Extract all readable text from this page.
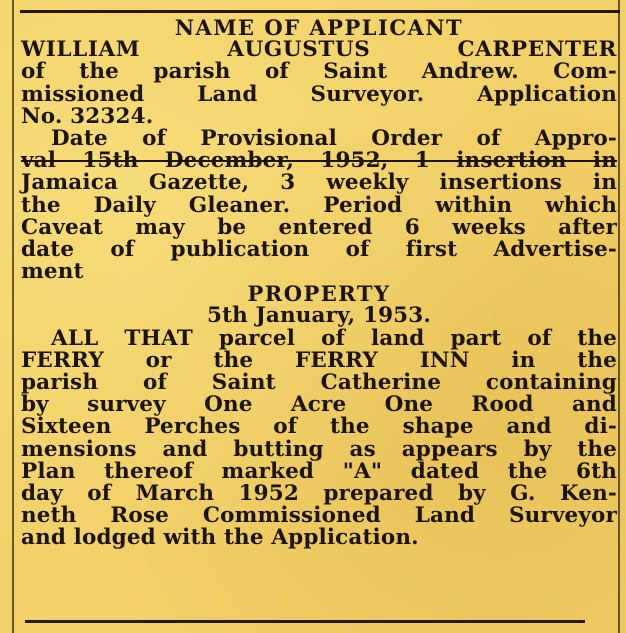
NAME OF APPLICANT
WILLIAM AUGUSTUS CARPENTER
of the parish of Saint Andrew. Com-
missioned Land Surveyor. Application
No. 32324.
Date of Provisional Order of Appro-
val 15th December, 1952, 1 insertion in
Jamaica Gazette, 3 weekly insertions in
the Daily Gleaner. Period within which
Caveat may be entered 6 weeks after
date of publication of first Advertise-
ment
PROPERTY
5th January, 1953.
ALL THAT parcel of land part of the
FERRY or the FERRY INN in the
parish of Saint Catherine containing
by survey One Acre One Rood and
Sixteen Perches of the shape and di-
mensions and butting as appears by the
Plan thereof marked "A" dated the 6th
day of March 1952 prepared by G. Ken-
neth Rose Commissioned Land Surveyor
and lodged with the Application.
